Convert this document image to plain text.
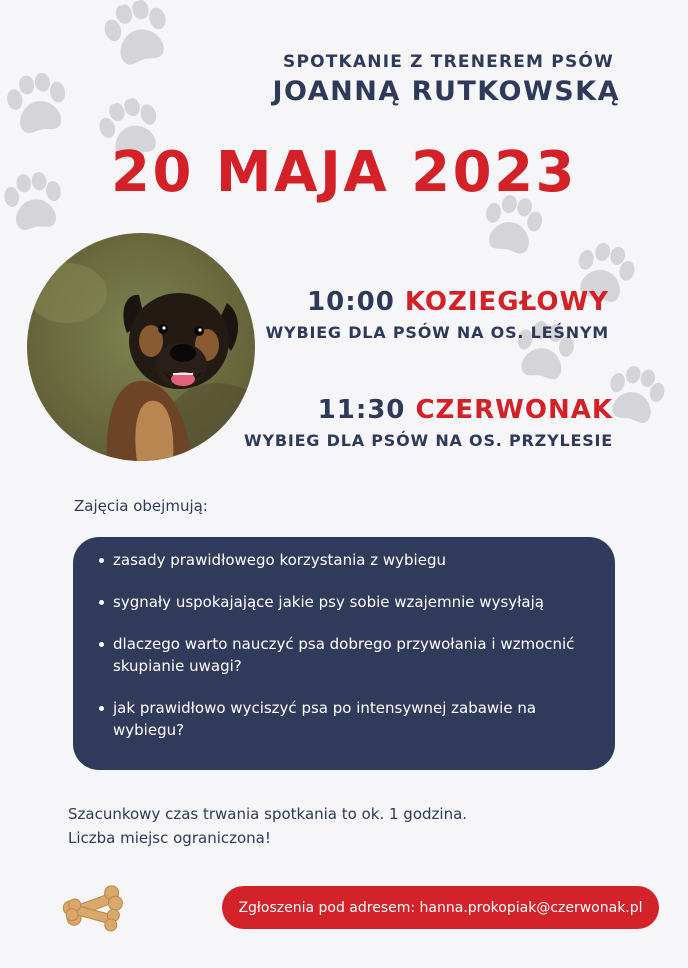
SPOTKANIE Z TRENEREM PSÓW
JOANNĄ RUTKOWSKĄ
20 MAJA 2023
10:00 KOZIEGŁOWY
WYBIEG DLA PSÓW NA OS. LEŚNYM
11:30 CZERWONAK
WYBIEG DLA PSÓW NA OS. PRZYLESIE
Zajęcia obejmują:
zasady prawidłowego korzystania z wybiegu
sygnały uspokajające jakie psy sobie wzajemnie wysyłają
dlaczego warto nauczyć psa dobrego przywołania i wzmocnić skupianie uwagi?
jak prawidłowo wyciszyć psa po intensywnej zabawie na wybiegu?
Szacunkowy czas trwania spotkania to ok. 1 godzina.
Liczba miejsc ograniczona!
Zgłoszenia pod adresem: hanna.prokopiak@czerwonak.pl
